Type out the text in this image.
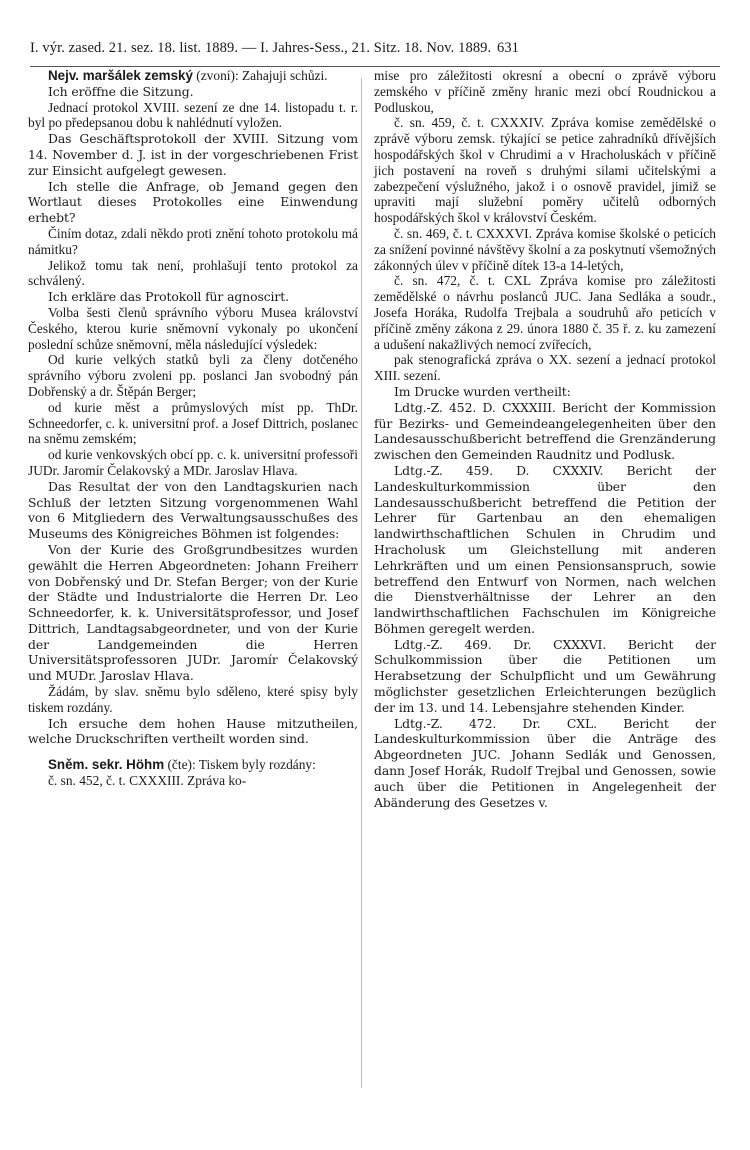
I. výr. zased. 21. sez. 18. list. 1889. — I. Jahres-Sess., 21. Sitz. 18. Nov. 1889. 631

Nejv. maršálek zemský (zvoní): Zahajuji schůzi.

Ich eröffne die Sitzung.

Jednací protokol XVIII. sezení ze dne 14. listopadu t. r. byl po předepsanou dobu k nahlédnutí vyložen.

Das Geschäftsprotokoll der XVIII. Sitzung vom 14. November d. J. ist in der vorgeschriebenen Frist zur Einsicht aufgelegt gewesen.

Ich stelle die Anfrage, ob Jemand gegen den Wortlaut dieses Protokolles eine Einwendung erhebt?

Činím dotaz, zdali někdo proti znění tohoto protokolu má námitku?

Jelikož tomu tak není, prohlašuji tento protokol za schválený.

Ich erkläre das Protokoll für agnoscirt.

Volba šesti členů správního výboru Musea království Českého, kterou kurie sněmovní vykonaly po ukončení poslední schůze sněmovní, měla následující výsledek:

Od kurie velkých statků byli za členy dotčeného správního výboru zvoleni pp. poslanci Jan svobodný pán Dobřenský a dr. Štěpán Berger;

od kurie měst a průmyslových míst pp. ThDr. Schneedorfer, c. k. universitní prof. a Josef Dittrich, poslanec na sněmu zemském;

od kurie venkovských obcí pp. c. k. universitní professoři JUDr. Jaromír Čelakovský a MDr. Jaroslav Hlava.

Das Resultat der von den Landtagskurien nach Schluß der letzten Sitzung vorgenommenen Wahl von 6 Mitgliedern des Verwaltungsausschußes des Museums des Königreiches Böhmen ist folgendes:

Von der Kurie des Großgrundbesitzes wurden gewählt die Herren Abgeordneten: Johann Freiherr von Dobřenský und Dr. Stefan Berger; von der Kurie der Städte und Industrialorte die Herren Dr. Leo Schneedorfer, k. k. Universitätsprofessor, und Josef Dittrich, Landtagsabgeordneter, und von der Kurie der Landgemeinden die Herren Universitätsprofessoren JUDr. Jaromír Čelakovský und MUDr. Jaroslav Hlava.

Žádám, by slav. sněmu bylo sděleno, které spisy byly tiskem rozdány.

Ich ersuche dem hohen Hause mitzutheilen, welche Druckschriften vertheilt worden sind.

Sněm. sekr. Höhm (čte): Tiskem byly rozdány:

č. sn. 452, č. t. CXXXIII. Zpráva ko-

mise pro záležitosti okresní a obecní o zprávě výboru zemského v příčině změny hranic mezi obcí Roudnickou a Podluskou,

č. sn. 459, č. t. CXXXIV. Zpráva komise zemědělské o zprávě výboru zemsk. týkající se petice zahradníků dřívějších hospodářských škol v Chrudimi a v Hracholuskách v příčině jich postavení na roveň s druhými silami učitelskými a zabezpečení výslužného, jakož i o osnově pravidel, jimiž se upraviti mají služební poměry učitelů odborných hospodářských škol v království Českém.

č. sn. 469, č. t. CXXXVI. Zpráva komise školské o peticích za snížení povinné návštěvy školní a za poskytnutí všemožných zákonných úlev v příčině dítek 13-a 14-letých,

č. sn. 472, č. t. CXL Zpráva komise pro záležitosti zemědělské o návrhu poslanců JUC. Jana Sedláka a soudr., Josefa Horáka, Rudolfa Trejbala a soudruhů ařo peticích v příčině změny zákona z 29. února 1880 č. 35 ř. z. ku zamezení a udušení nakažlivých nemocí zvířecích,

pak stenografická zpráva o XX. sezení a jednací protokol XIII. sezení.

Im Drucke wurden vertheilt:

Ldtg.-Z. 452. D. CXXXIII. Bericht der Kommission für Bezirks- und Gemeindeangelegenheiten über den Landesausschußbericht betreffend die Grenzänderung zwischen den Gemeinden Raudnitz und Podlusk.

Ldtg.-Z. 459. D. CXXXIV. Bericht der Landeskulturkommission über den Landesausschußbericht betreffend die Petition der Lehrer für Gartenbau an den ehemaligen landwirthschaftlichen Schulen in Chrudim und Hracholusk um Gleichstellung mit anderen Lehrkräften und um einen Pensionsanspruch, sowie betreffend den Entwurf von Normen, nach welchen die Dienstverhältnisse der Lehrer an den landwirthschaftlichen Fachschulen im Königreiche Böhmen geregelt werden.

Ldtg.-Z. 469. Dr. CXXXVI. Bericht der Schulkommission über die Petitionen um Herabsetzung der Schulpflicht und um Gewährung möglichster gesetzlichen Erleichterungen bezüglich der im 13. und 14. Lebensjahre stehenden Kinder.

Ldtg.-Z. 472. Dr. CXL. Bericht der Landeskulturkommission über die Anträge des Abgeordneten JUC. Johann Sedlák und Genossen, dann Josef Horák, Rudolf Trejbal und Genossen, sowie auch über die Petitionen in Angelegenheit der Abänderung des Gesetzes v.
